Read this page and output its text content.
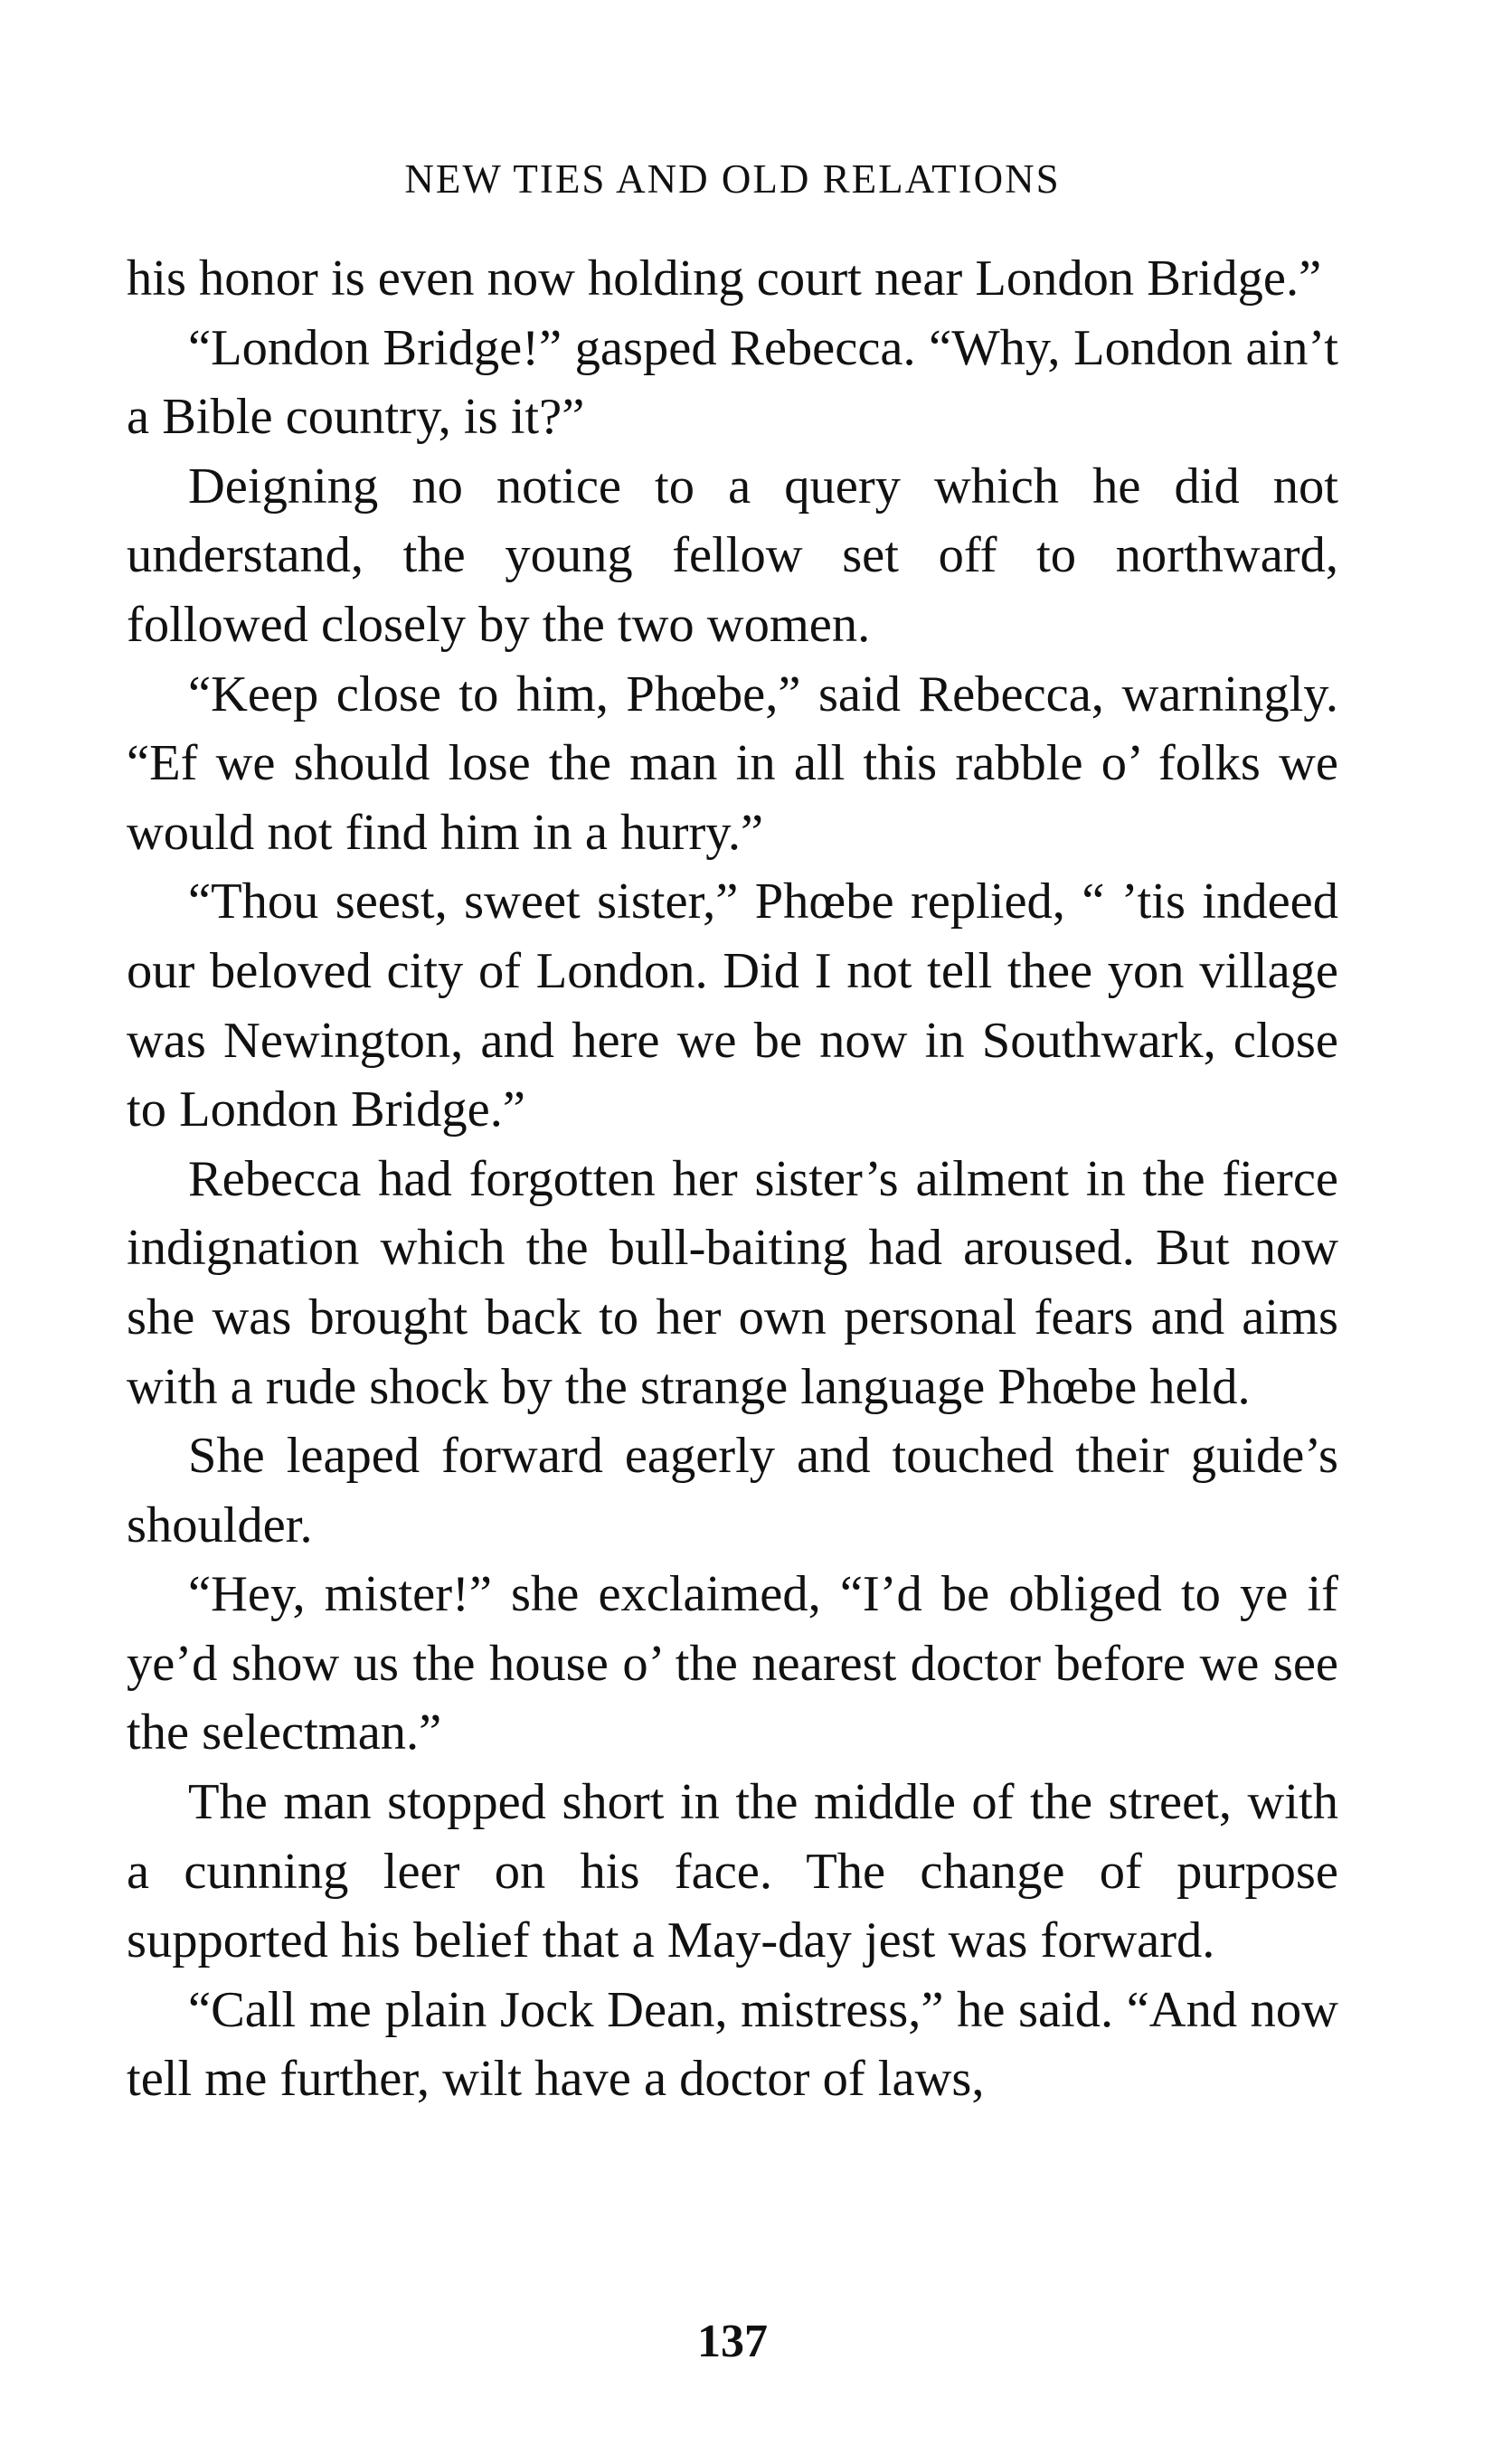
NEW TIES AND OLD RELATIONS

his honor is even now holding court near London Bridge.”

“London Bridge!” gasped Rebecca. “Why, London ain’t a Bible country, is it?”

Deigning no notice to a query which he did not understand, the young fellow set off to northward, followed closely by the two women.

“Keep close to him, Phœbe,” said Rebecca, warningly. “Ef we should lose the man in all this rabble o’ folks we would not find him in a hurry.”

“Thou seest, sweet sister,” Phœbe replied, “ ’tis indeed our beloved city of London. Did I not tell thee yon village was Newington, and here we be now in Southwark, close to London Bridge.”

Rebecca had forgotten her sister’s ailment in the fierce indignation which the bull-baiting had aroused. But now she was brought back to her own personal fears and aims with a rude shock by the strange language Phœbe held.

She leaped forward eagerly and touched their guide’s shoulder.

“Hey, mister!” she exclaimed, “I’d be obliged to ye if ye’d show us the house o’ the nearest doctor before we see the selectman.”

The man stopped short in the middle of the street, with a cunning leer on his face. The change of purpose supported his belief that a May-day jest was forward.

“Call me plain Jock Dean, mistress,” he said. “And now tell me further, wilt have a doctor of laws,

137
